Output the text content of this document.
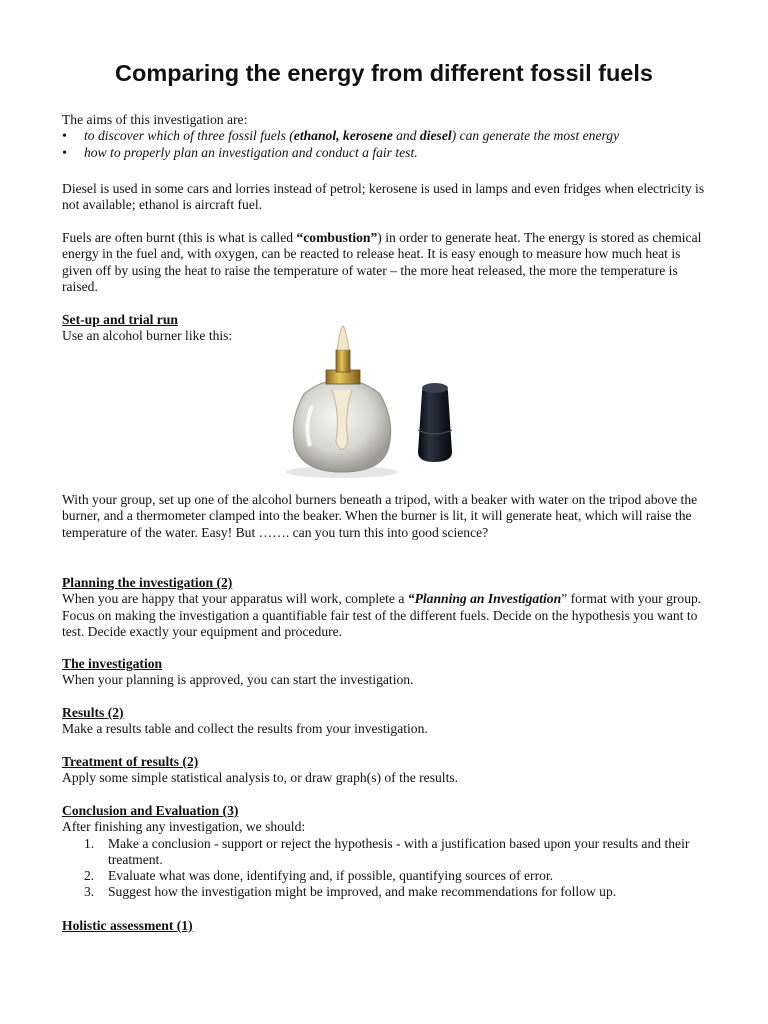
Comparing the energy from different fossil fuels
The aims of this investigation are:
• to discover which of three fossil fuels (ethanol, kerosene and diesel) can generate the most energy
• how to properly plan an investigation and conduct a fair test.

Diesel is used in some cars and lorries instead of petrol; kerosene is used in lamps and even fridges when electricity is not available; ethanol is aircraft fuel.

Fuels are often burnt (this is what is called “combustion”) in order to generate heat. The energy is stored as chemical energy in the fuel and, with oxygen, can be reacted to release heat. It is easy enough to measure how much heat is given off by using the heat to raise the temperature of water – the more heat released, the more the temperature is raised.

Set-up and trial run
Use an alcohol burner like this:

With your group, set up one of the alcohol burners beneath a tripod, with a beaker with water on the tripod above the burner, and a thermometer clamped into the beaker. When the burner is lit, it will generate heat, which will raise the temperature of the water. Easy! But ……. can you turn this into good science?

Planning the investigation (2)
When you are happy that your apparatus will work, complete a “Planning an Investigation” format with your group. Focus on making the investigation a quantifiable fair test of the different fuels. Decide on the hypothesis you want to test. Decide exactly your equipment and procedure.
The investigation
When your planning is approved, you can start the investigation.
Results (2)
Make a results table and collect the results from your investigation.
Treatment of results (2)
Apply some simple statistical analysis to, or draw graph(s) of the results.
Conclusion and Evaluation (3)
After finishing any investigation, we should:
1. Make a conclusion - support or reject the hypothesis - with a justification based upon your results and their treatment.
2. Evaluate what was done, identifying and, if possible, quantifying sources of error.
3. Suggest how the investigation might be improved, and make recommendations for follow up.
Holistic assessment (1)
